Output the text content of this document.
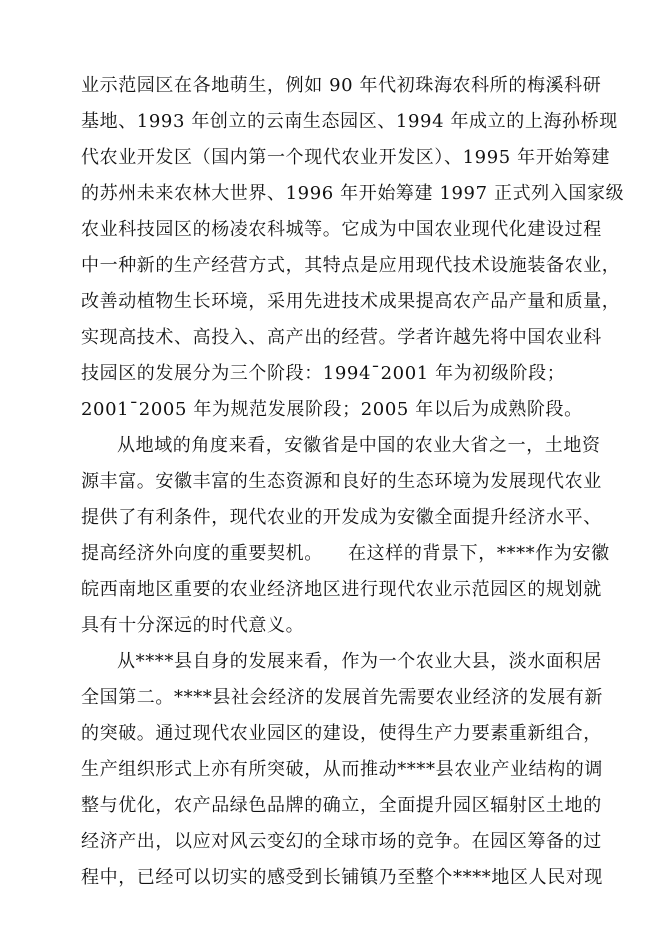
业示范园区在各地萌生，例如 90 年代初珠海农科所的梅溪科研
基地、1993 年创立的云南生态园区、1994 年成立的上海孙桥现
代农业开发区（国内第一个现代农业开发区）、1995 年开始筹建
的苏州未来农林大世界、1996 年开始筹建 1997 正式列入国家级
农业科技园区的杨凌农科城等。它成为中国农业现代化建设过程
中一种新的生产经营方式，其特点是应用现代技术设施装备农业，
改善动植物生长环境，采用先进技术成果提高农产品产量和质量，
实现高技术、高投入、高产出的经营。学者许越先将中国农业科
技园区的发展分为三个阶段：1994¯2001 年为初级阶段；
2001¯2005 年为规范发展阶段；2005 年以后为成熟阶段。
从地域的角度来看，安徽省是中国的农业大省之一，土地资
源丰富。安徽丰富的生态资源和良好的生态环境为发展现代农业
提供了有利条件，现代农业的开发成为安徽全面提升经济水平、
提高经济外向度的重要契机。    在这样的背景下，****作为安徽
皖西南地区重要的农业经济地区进行现代农业示范园区的规划就
具有十分深远的时代意义。
从****县自身的发展来看，作为一个农业大县，淡水面积居
全国第二。****县社会经济的发展首先需要农业经济的发展有新
的突破。通过现代农业园区的建设，使得生产力要素重新组合，
生产组织形式上亦有所突破，从而推动****县农业产业结构的调
整与优化，农产品绿色品牌的确立，全面提升园区辐射区土地的
经济产出，以应对风云变幻的全球市场的竞争。在园区筹备的过
程中，已经可以切实的感受到长铺镇乃至整个****地区人民对现
